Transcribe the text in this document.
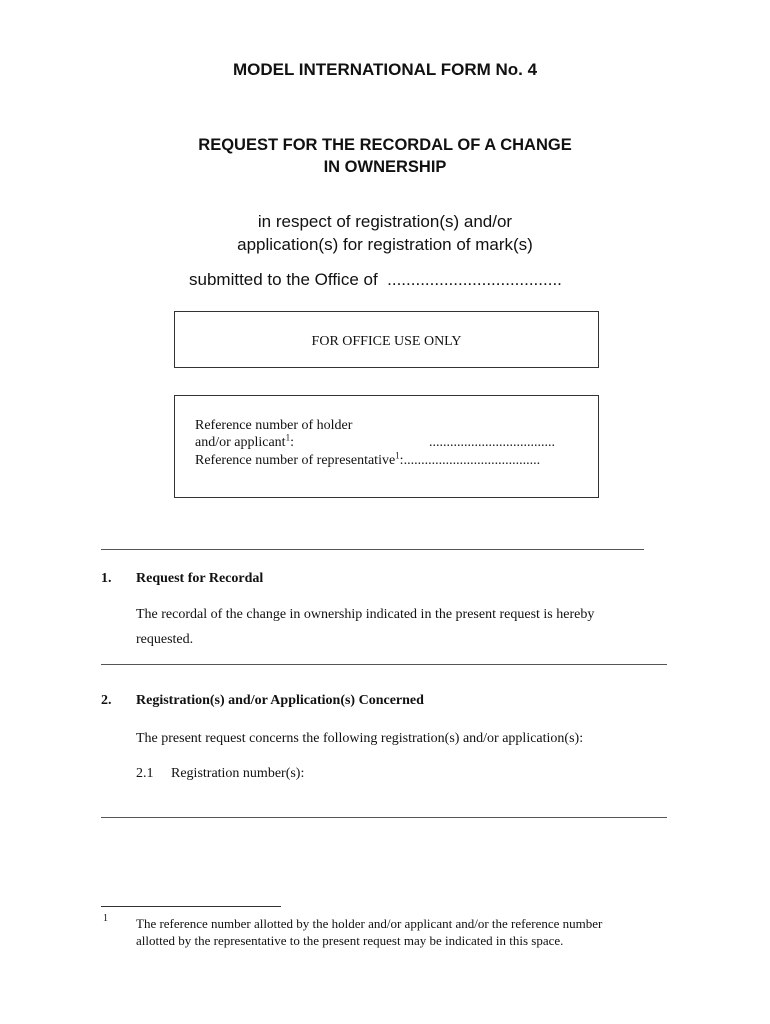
MODEL INTERNATIONAL FORM No. 4
REQUEST FOR THE RECORDAL OF A CHANGE
IN OWNERSHIP
in respect of registration(s) and/or
application(s) for registration of mark(s)
submitted to the Office of .....................................
FOR OFFICE USE ONLY
Reference number of holder
and/or applicant$^1$:	....................................
Reference number of representative$^1$:.......................................
1. Request for Recordal
The recordal of the change in ownership indicated in the present request is hereby
requested.
2. Registration(s) and/or Application(s) Concerned
The present request concerns the following registration(s) and/or application(s):
2.1 Registration number(s):
1 The reference number allotted by the holder and/or applicant and/or the reference number
allotted by the representative to the present request may be indicated in this space.
